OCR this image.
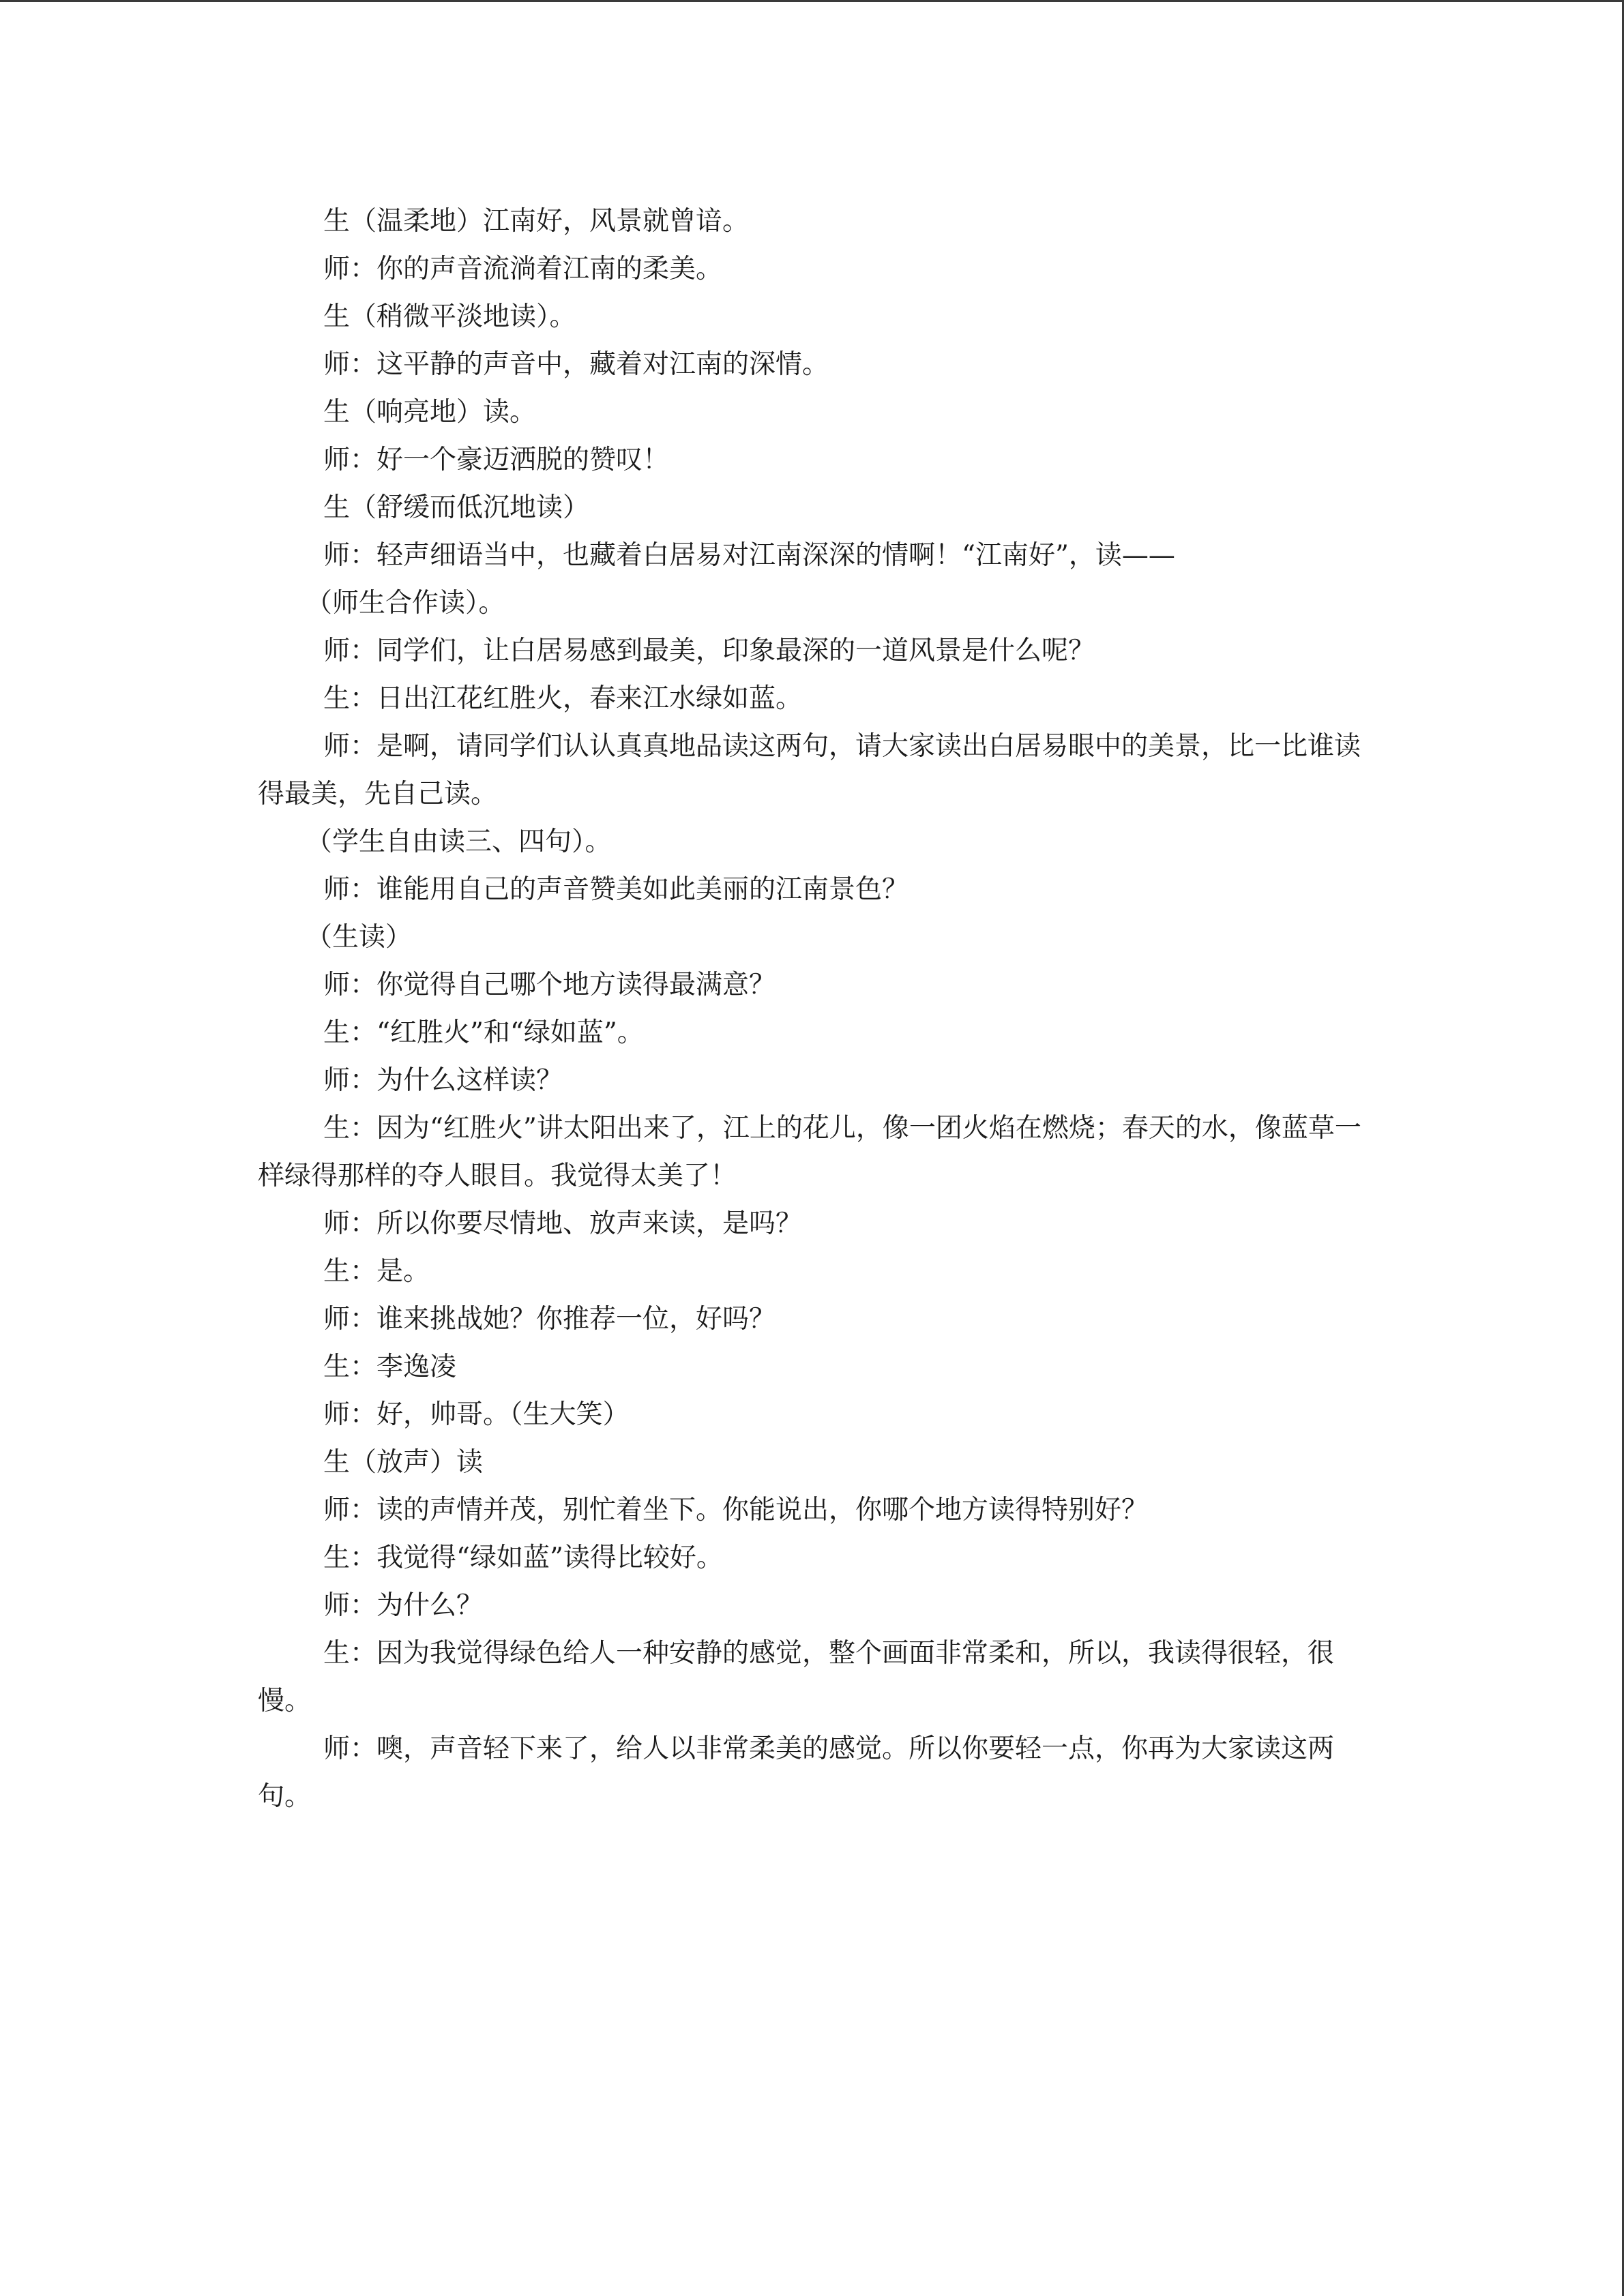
生（温柔地）江南好，风景就曾谙。

师：你的声音流淌着江南的柔美。

生（稍微平淡地读）。

师：这平静的声音中，藏着对江南的深情。

生（响亮地）读。

师：好一个豪迈洒脱的赞叹！

生（舒缓而低沉地读）

师：轻声细语当中，也藏着白居易对江南深深的情啊！“江南好”，读——

（师生合作读）。

师：同学们，让白居易感到最美，印象最深的一道风景是什么呢？

生：日出江花红胜火，春来江水绿如蓝。

师：是啊，请同学们认认真真地品读这两句，请大家读出白居易眼中的美景，比一比谁读得最美，先自己读。

（学生自由读三、四句）。

师：谁能用自己的声音赞美如此美丽的江南景色？

（生读）

师：你觉得自己哪个地方读得最满意？

生：“红胜火”和“绿如蓝”。

师：为什么这样读？

生：因为“红胜火”讲太阳出来了，江上的花儿，像一团火焰在燃烧；春天的水，像蓝草一样绿得那样的夺人眼目。我觉得太美了！

师：所以你要尽情地、放声来读，是吗？

生：是。

师：谁来挑战她？你推荐一位，好吗？

生：李逸凌

师：好，帅哥。（生大笑）

生（放声）读

师：读的声情并茂，别忙着坐下。你能说出，你哪个地方读得特别好？

生：我觉得“绿如蓝”读得比较好。

师：为什么？

生：因为我觉得绿色给人一种安静的感觉，整个画面非常柔和，所以，我读得很轻，很慢。

师：噢，声音轻下来了，给人以非常柔美的感觉。所以你要轻一点，你再为大家读这两句。
